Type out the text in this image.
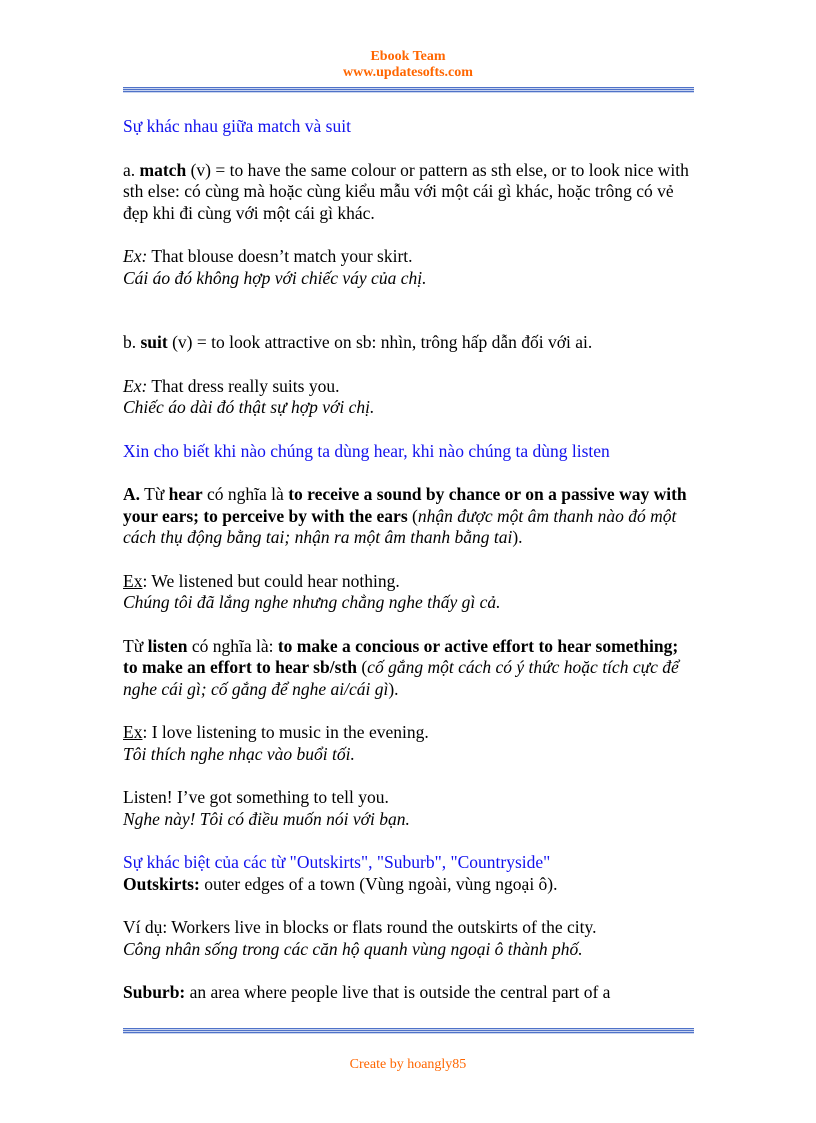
Ebook Team
www.updatesofts.com

Sự khác nhau giữa match và suit

a. match (v) = to have the same colour or pattern as sth else, or to look nice with sth else: có cùng mà hoặc cùng kiểu mẫu với một cái gì khác, hoặc trông có vẻ đẹp khi đi cùng với một cái gì khác.

Ex: That blouse doesn’t match your skirt.

Cái áo đó không hợp với chiếc váy của chị.

b. suit (v) = to look attractive on sb: nhìn, trông hấp dẫn đối với ai.

Ex: That dress really suits you.

Chiếc áo dài đó thật sự hợp với chị.

Xin cho biết khi nào chúng ta dùng hear, khi nào chúng ta dùng listen

A. Từ hear có nghĩa là to receive a sound by chance or on a passive way with your ears; to perceive by with the ears (nhận được một âm thanh nào đó một cách thụ động bằng tai; nhận ra một âm thanh bằng tai).

Ex: We listened but could hear nothing.

Chúng tôi đã lắng nghe nhưng chẳng nghe thấy gì cả.

Từ listen có nghĩa là: to make a concious or active effort to hear something; to make an effort to hear sb/sth (cố gắng một cách có ý thức hoặc tích cực để nghe cái gì; cố gắng để nghe ai/cái gì).

Ex: I love listening to music in the evening.

Tôi thích nghe nhạc vào buổi tối.

Listen! I’ve got something to tell you.

Nghe này! Tôi có điều muốn nói với bạn.

Sự khác biệt của các từ "Outskirts", "Suburb", "Countryside"

Outskirts: outer edges of a town (Vùng ngoài, vùng ngoại ô).

Ví dụ: Workers live in blocks or flats round the outskirts of the city.

Công nhân sống trong các căn hộ quanh vùng ngoại ô thành phố.

Suburb: an area where people live that is outside the central part of a

Create by hoangly85
